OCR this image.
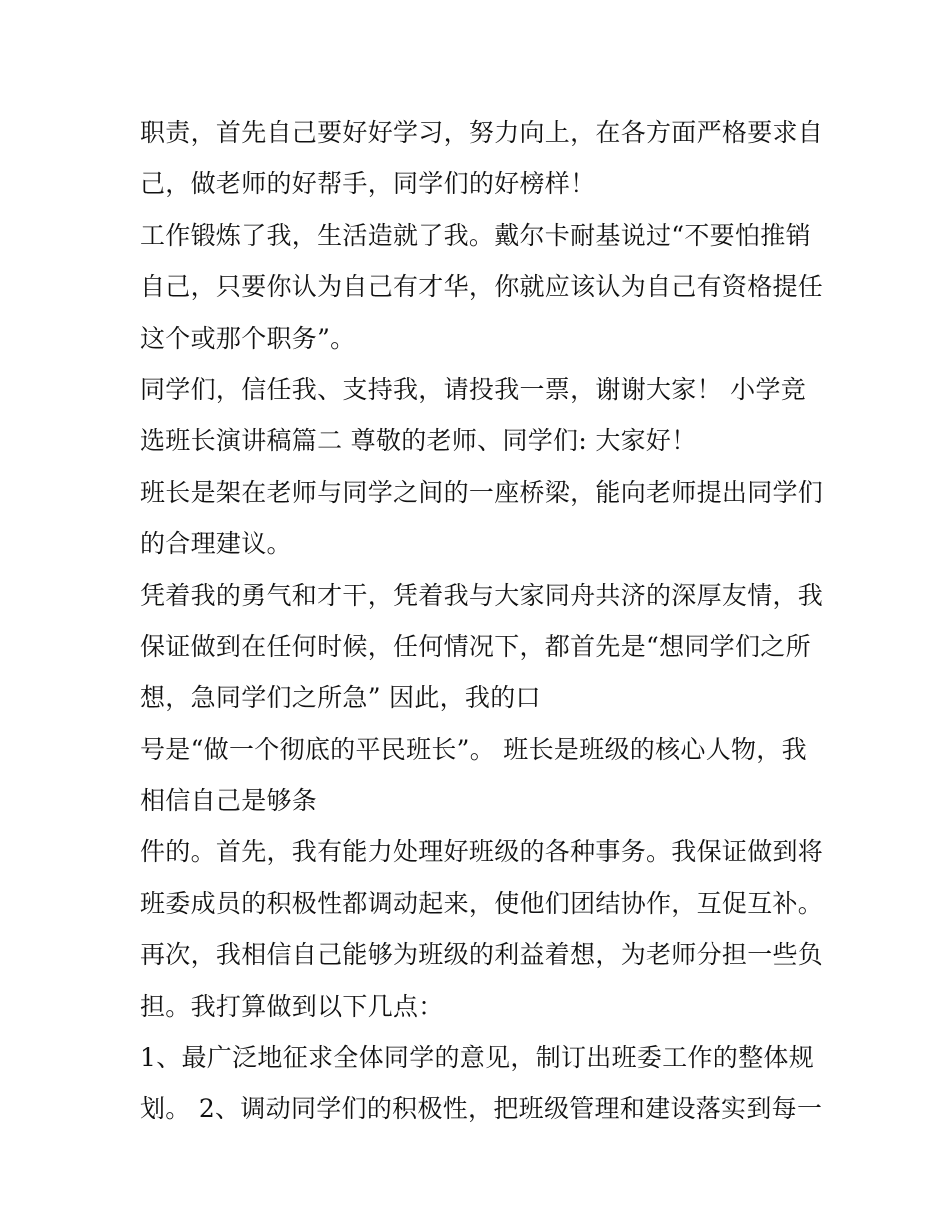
职责，首先自己要好好学习，努力向上，在各方面严格要求自
己，做老师的好帮手，同学们的好榜样！
工作锻炼了我，生活造就了我。戴尔卡耐基说过“不要怕推销
自己，只要你认为自己有才华，你就应该认为自己有资格提任
这个或那个职务”。
同学们，信任我、支持我，请投我一票，谢谢大家！ 小学竞
选班长演讲稿篇二 尊敬的老师、同学们: 大家好！
班长是架在老师与同学之间的一座桥梁，能向老师提出同学们
的合理建议。
凭着我的勇气和才干，凭着我与大家同舟共济的深厚友情，我
保证做到在任何时候，任何情况下，都首先是“想同学们之所
想，急同学们之所急” 因此，我的口
号是“做一个彻底的平民班长”。 班长是班级的核心人物，我
相信自己是够条
件的。首先，我有能力处理好班级的各种事务。我保证做到将
班委成员的积极性都调动起来，使他们团结协作，互促互补。
再次，我相信自己能够为班级的利益着想，为老师分担一些负
担。我打算做到以下几点：
1、最广泛地征求全体同学的意见，制订出班委工作的整体规
划。 2、调动同学们的积极性，把班级管理和建设落实到每一
